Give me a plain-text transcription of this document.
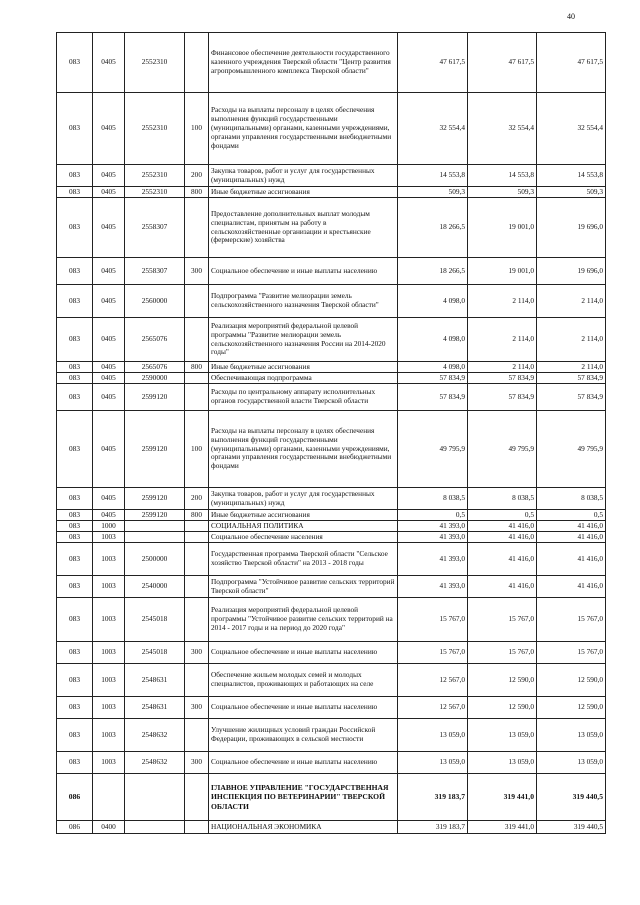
40
083	0405	2552310		Финансовое обеспечение деятельности государственного казенного учреждения Тверской области "Центр развития агропромышленного комплекса Тверской области"	47 617,5	47 617,5	47 617,5
083	0405	2552310	100	Расходы на выплаты персоналу в целях обеспечения выполнения функций государственными (муниципальными) органами, казенными учреждениями, органами управления государственными внебюджетными фондами	32 554,4	32 554,4	32 554,4
083	0405	2552310	200	Закупка товаров, работ и услуг для государственных (муниципальных) нужд	14 553,8	14 553,8	14 553,8
083	0405	2552310	800	Иные бюджетные ассигнования	509,3	509,3	509,3
083	0405	2558307		Предоставление дополнительных выплат молодым специалистам, принятым на работу в сельскохозяйственные организации и крестьянские (фермерские) хозяйства	18 266,5	19 001,0	19 696,0
083	0405	2558307	300	Социальное обеспечение и иные выплаты населению	18 266,5	19 001,0	19 696,0
083	0405	2560000		Подпрограмма "Развитие мелиорации земель сельскохозяйственного назначения Тверской области"	4 098,0	2 114,0	2 114,0
083	0405	2565076		Реализация мероприятий федеральной целевой программы "Развитие мелиорации земель сельскохозяйственного назначения России на 2014-2020 годы"	4 098,0	2 114,0	2 114,0
083	0405	2565076	800	Иные бюджетные ассигнования	4 098,0	2 114,0	2 114,0
083	0405	2590000		Обеспечивающая подпрограмма	57 834,9	57 834,9	57 834,9
083	0405	2599120		Расходы по центральному аппарату исполнительных органов государственной власти Тверской области	57 834,9	57 834,9	57 834,9
083	0405	2599120	100	Расходы на выплаты персоналу в целях обеспечения выполнения функций государственными (муниципальными) органами, казенными учреждениями, органами управления государственными внебюджетными фондами	49 795,9	49 795,9	49 795,9
083	0405	2599120	200	Закупка товаров, работ и услуг для государственных (муниципальных) нужд	8 038,5	8 038,5	8 038,5
083	0405	2599120	800	Иные бюджетные ассигнования	0,5	0,5	0,5
083	1000			СОЦИАЛЬНАЯ ПОЛИТИКА	41 393,0	41 416,0	41 416,0
083	1003			Социальное обеспечение населения	41 393,0	41 416,0	41 416,0
083	1003	2500000		Государственная программа Тверской области "Сельское хозяйство Тверской области" на 2013 - 2018 годы	41 393,0	41 416,0	41 416,0
083	1003	2540000		Подпрограмма "Устойчивое развитие сельских территорий Тверской области"	41 393,0	41 416,0	41 416,0
083	1003	2545018		Реализация мероприятий федеральной целевой программы "Устойчивое развитие сельских территорий на 2014 - 2017 годы и на период до 2020 года"	15 767,0	15 767,0	15 767,0
083	1003	2545018	300	Социальное обеспечение и иные выплаты населению	15 767,0	15 767,0	15 767,0
083	1003	2548631		Обеспечение жильем молодых семей и молодых специалистов, проживающих и работающих на селе	12 567,0	12 590,0	12 590,0
083	1003	2548631	300	Социальное обеспечение и иные выплаты населению	12 567,0	12 590,0	12 590,0
083	1003	2548632		Улучшение жилищных условий граждан Российской Федерации, проживающих в сельской местности	13 059,0	13 059,0	13 059,0
083	1003	2548632	300	Социальное обеспечение и иные выплаты населению	13 059,0	13 059,0	13 059,0
086				ГЛАВНОЕ УПРАВЛЕНИЕ "ГОСУДАРСТВЕННАЯ ИНСПЕКЦИЯ ПО ВЕТЕРИНАРИИ" ТВЕРСКОЙ ОБЛАСТИ	319 183,7	319 441,0	319 440,5
086	0400			НАЦИОНАЛЬНАЯ ЭКОНОМИКА	319 183,7	319 441,0	319 440,5
